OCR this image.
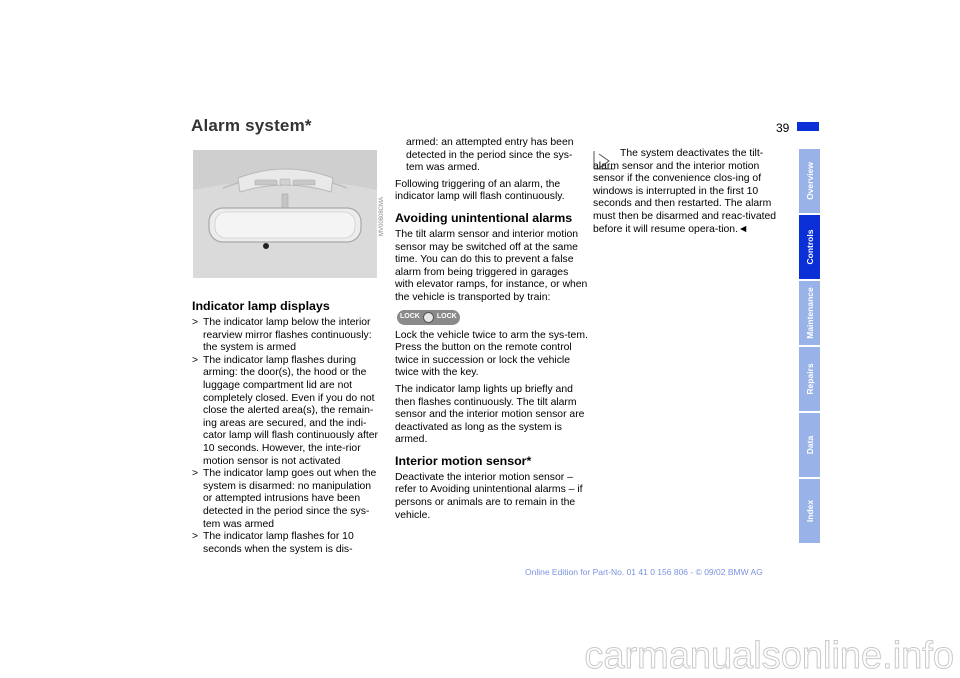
Alarm system*	39
MV00808CMA
Indicator lamp displays
> The indicator lamp below the interior rearview mirror flashes continuously: the system is armed
> The indicator lamp flashes during arming: the door(s), the hood or the luggage compartment lid are not completely closed. Even if you do not close the alerted area(s), the remain-ing areas are secured, and the indi-cator lamp will flash continuously after 10 seconds. However, the inte-rior motion sensor is not activated
> The indicator lamp goes out when the system is disarmed: no manipulation or attempted intrusions have been detected in the period since the sys-tem was armed
> The indicator lamp flashes for 10 seconds when the system is dis-

armed: an attempted entry has been detected in the period since the sys-tem was armed.

Following triggering of an alarm, the indicator lamp will flash continuously.

Avoiding unintentional alarms

The tilt alarm sensor and interior motion sensor may be switched off at the same time. You can do this to prevent a false alarm from being triggered in garages with elevator ramps, for instance, or when the vehicle is transported by train:

LOCK LOCK

Lock the vehicle twice to arm the sys-tem. Press the button on the remote control twice in succession or lock the vehicle twice with the key.

The indicator lamp lights up briefly and then flashes continuously. The tilt alarm sensor and the interior motion sensor are deactivated as long as the system is armed.

Interior motion sensor*

Deactivate the interior motion sensor – refer to Avoiding unintentional alarms – if persons or animals are to remain in the vehicle.

The system deactivates the tilt-alarm sensor and the interior motion sensor if the convenience clos-ing of windows is interrupted in the first 10 seconds and then restarted. The alarm must then be disarmed and reac-tivated before it will resume opera-tion.◄

Overview
Controls
Maintenance
Repairs
Data
Index
Online Edition for Part-No. 01 41 0 156 806 - © 09/02 BMW AG
carmanualsonline.info
